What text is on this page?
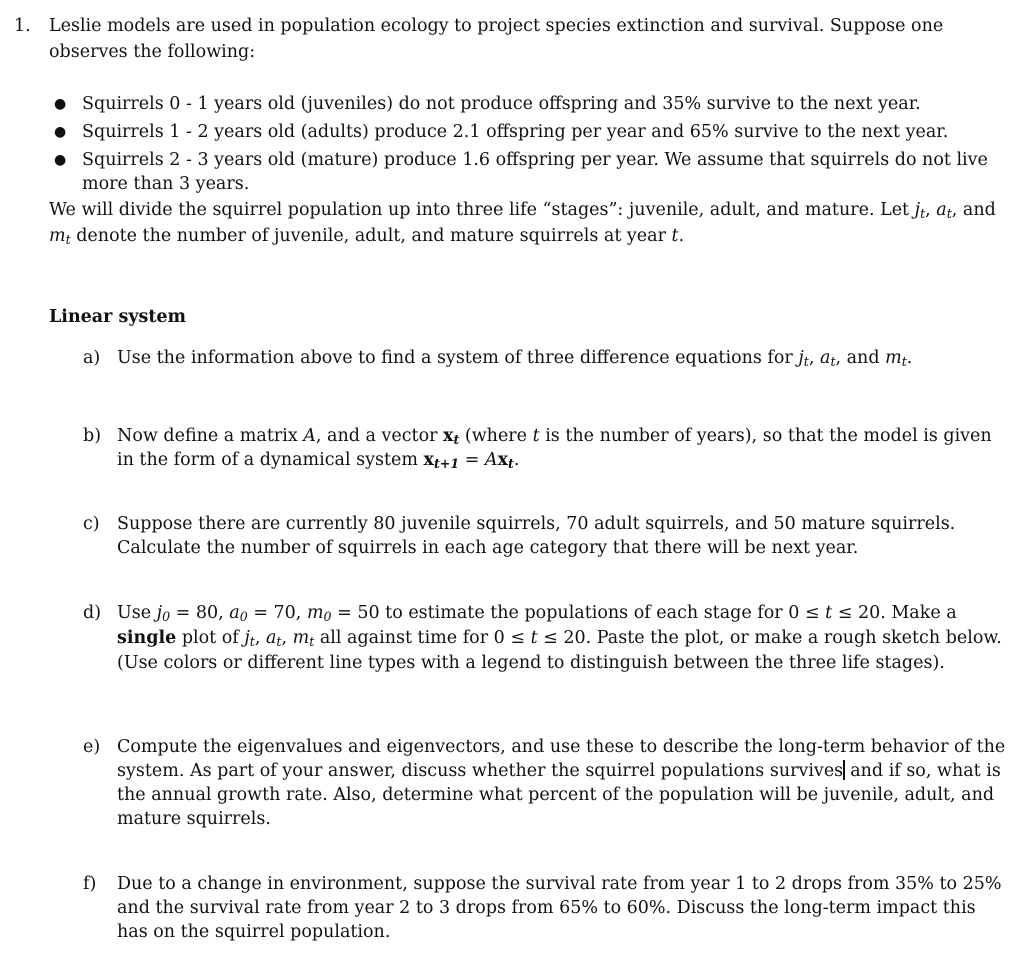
1. Leslie models are used in population ecology to project species extinction and survival. Suppose one
observes the following:
● Squirrels 0 - 1 years old (juveniles) do not produce offspring and 35% survive to the next year.
● Squirrels 1 - 2 years old (adults) produce 2.1 offspring per year and 65% survive to the next year.
● Squirrels 2 - 3 years old (mature) produce 1.6 offspring per year. We assume that squirrels do not live
more than 3 years.
We will divide the squirrel population up into three life “stages”: juvenile, adult, and mature. Let $j_t$, $a_t$, and
$m_t$ denote the number of juvenile, adult, and mature squirrels at year t.
Linear system
a) Use the information above to find a system of three difference equations for $j_t$, $a_t$, and $m_t$.
b) Now define a matrix A, and a vector $x_t$ (where t is the number of years), so that the model is given
in the form of a dynamical system $x_{t+1} = Ax_t$.
c) Suppose there are currently 80 juvenile squirrels, 70 adult squirrels, and 50 mature squirrels.
Calculate the number of squirrels in each age category that there will be next year.
d) Use j0 = 80, a0 = 70, m0 = 50 to estimate the populations of each stage for 0 ≤ t ≤ 20. Make a
single plot of $j_t$, $a_t$, $m_t$ all against time for 0 ≤ t ≤ 20. Paste the plot, or make a rough sketch below.
(Use colors or different line types with a legend to distinguish between the three life stages).
e) Compute the eigenvalues and eigenvectors, and use these to describe the long-term behavior of the
system. As part of your answer, discuss whether the squirrel populations survives and if so, what is
the annual growth rate. Also, determine what percent of the population will be juvenile, adult, and
mature squirrels.
f) Due to a change in environment, suppose the survival rate from year 1 to 2 drops from 35% to 25%
and the survival rate from year 2 to 3 drops from 65% to 60%. Discuss the long-term impact this
has on the squirrel population.
